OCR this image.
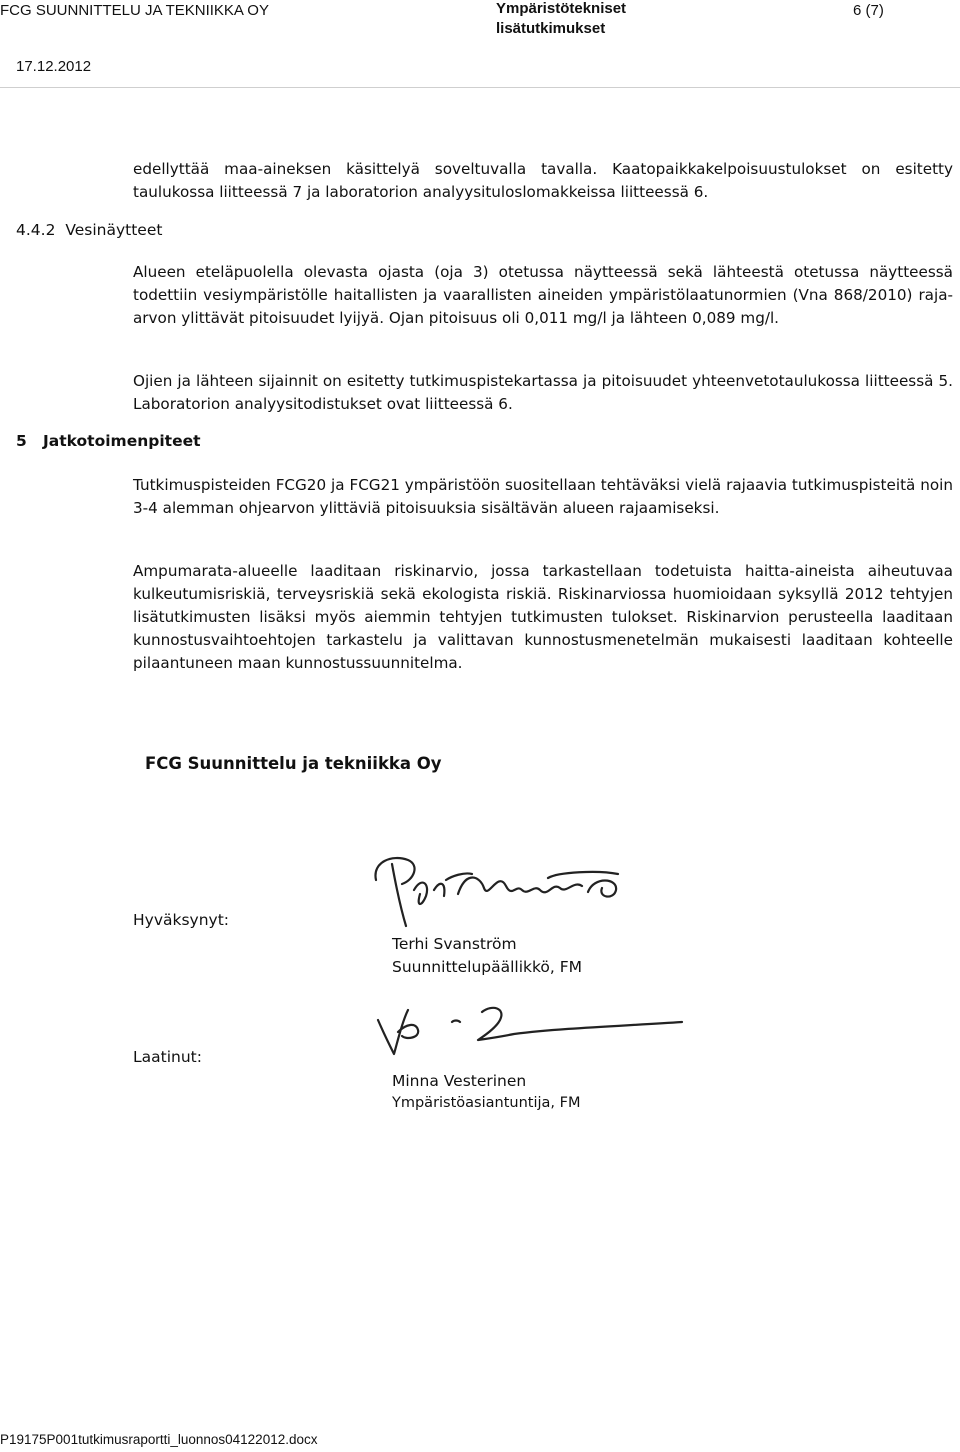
FCG SUUNNITTELU JA TEKNIIKKA OY	Ympäristötekniset
lisätutkimukset
6 (7)
17.12.2012

edellyttää maa-aineksen käsittelyä soveltuvalla tavalla. Kaatopaikkakelpoisuustulokset on esitetty taulukossa liitteessä 7 ja laboratorion analyysituloslomakkeissa liitteessä 6.

4.4.2 Vesinäytteet

Alueen eteläpuolella olevasta ojasta (oja 3) otetussa näytteessä sekä lähteestä otetussa näytteessä todettiin vesiympäristölle haitallisten ja vaarallisten aineiden ympäristölaatunormien (Vna 868/2010) raja-arvon ylittävät pitoisuudet lyijyä. Ojan pitoisuus oli 0,011 mg/l ja lähteen 0,089 mg/l.

Ojien ja lähteen sijainnit on esitetty tutkimuspistekartassa ja pitoisuudet yhteenvetotaulukossa liitteessä 5. Laboratorion analyysitodistukset ovat liitteessä 6.

5 Jatkotoimenpiteet

Tutkimuspisteiden FCG20 ja FCG21 ympäristöön suositellaan tehtäväksi vielä rajaavia tutkimuspisteitä noin 3-4 alemman ohjearvon ylittäviä pitoisuuksia sisältävän alueen rajaamiseksi.

Ampumarata-alueelle laaditaan riskinarvio, jossa tarkastellaan todetuista haitta-aineista aiheutuvaa kulkeutumisriskiä, terveysriskiä sekä ekologista riskiä. Riskinarviossa huomioidaan syksyllä 2012 tehtyjen lisätutkimusten lisäksi myös aiemmin tehtyjen tutkimusten tulokset. Riskinarvion perusteella laaditaan kunnostusvaihtoehtojen tarkastelu ja valittavan kunnostusmenetelmän mukaisesti laaditaan kohteelle pilaantuneen maan kunnostussuunnitelma.

FCG Suunnittelu ja tekniikka Oy
Hyväksynyt:
Terhi Svanström
Suunnittelupäällikkö, FM
Laatinut:
Minna Vesterinen
Ympäristöasiantuntija, FM
P19175P001tutkimusraportti_luonnos04122012.docx
